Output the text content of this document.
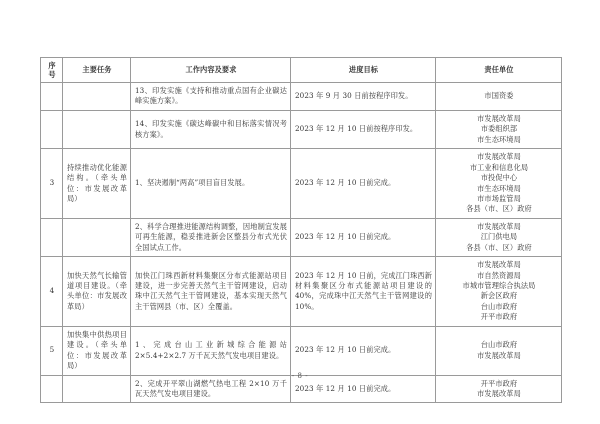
序
号	主要任务	工作内容及要求	进度目标	责任单位
		13、印发实施《支持和推动重点国有企业碳达峰实施方案》。	2023 年 9 月 30 日前按程序印发。	市国资委

		14、印发实施《碳达峰碳中和目标落实情况考核方案》。	2023 年 12 月 10 日前按程序印发。	市发展改革局
市委组织部
市生态环境局

3	持续推动优化能源结构。（牵头单位：市发展改革局）	1、坚决遏制“两高”项目盲目发展。	2023 年 12 月 10 日前完成。	
市发展改革局
市工业和信息化局
市投促中心
市生态环境局
市市场监管局
各县（市、区）政府

		2、科学合理推进能源结构调整，因地制宜发展可再生能源，稳妥推进新会区整县分布式光伏全国试点工作。	2023 年 12 月 10 日前完成。	市发展改革局
江门供电局
各县（市、区）政府

4	加快天然气长输管道项目建设。（牵头单位：市发展改革局）	加快江门珠西新材料集聚区分布式能源站项目建设，进一步完善天然气主干管网建设，启动珠中江天然气主干管网建设，基本实现天然气主干管网县（市、区）全覆盖。	2023 年 12 月 10 日前，完成江门珠西新材料集聚区分布式能源站项目建设的40%，完成珠中江天然气主干管网建设的10%。	
市发展改革局
市自然资源局
市城市管理综合执法局
新会区政府
台山市政府
开平市政府

5	加快集中供热项目建设。（牵头单位：市发展改革局）	1、完成台山工业新城综合能源站2×5.4+2×2.7 万千瓦天然气发电项目建设。	2023 年 12 月 10 日前完成。	台山市政府
市发展改革局

		2、完成开平翠山湖燃气热电工程 2×10 万千瓦天然气发电项目建设。	2023 年 12 月 10 日前完成。	开平市政府
市发展改革局
- 8 -
